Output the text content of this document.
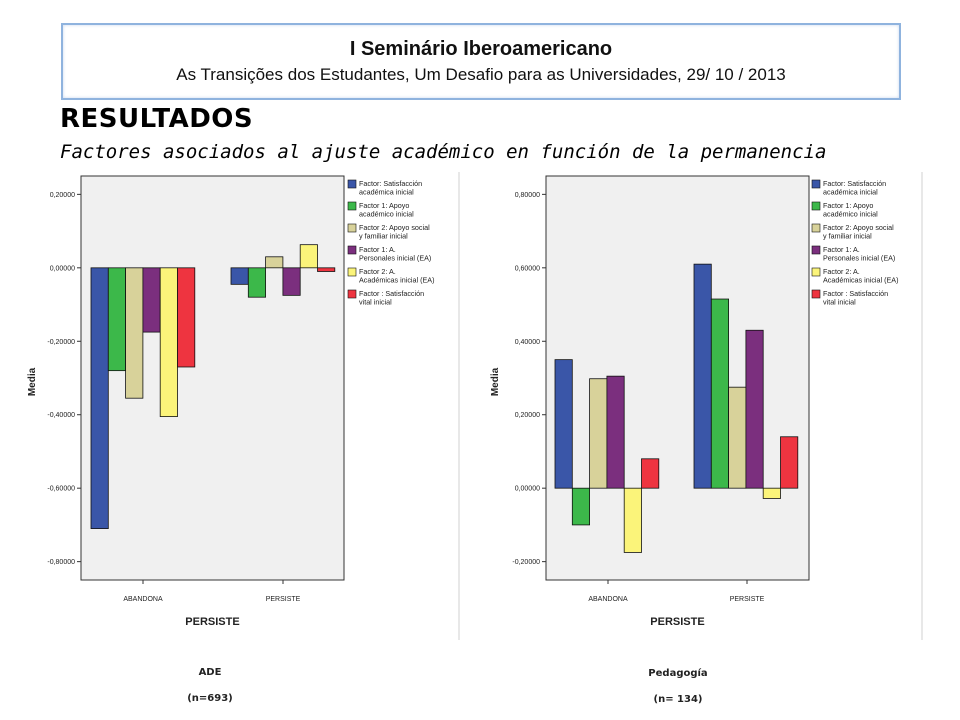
I Seminário Iberoamericano
As Transições dos Estudantes, Um Desafio para as Universidades, 29/ 10 / 2013
RESULTADOS
Factores asociados al ajuste académico en función de la permanencia
0,20000
0,00000
-0,20000
-0,40000
-0,60000
-0,80000
Media
ABANDONA	PERSISTE
PERSISTE
Factor: Satisfacción académica inicial
Factor 1: Apoyo académico inicial
Factor 2: Apoyo social y familiar inicial
Factor 1: A. Personales inicial (EA)
Factor 2: A. Académicas inicial (EA)
Factor : Satisfacción vital inicial
0,80000
0,60000
0,40000
0,20000
0,00000
-0,20000
Media
ABANDONA	PERSISTE
PERSISTE
Factor: Satisfacción académica inicial
Factor 1: Apoyo académico inicial
Factor 2: Apoyo social y familiar inicial
Factor 1: A. Personales inicial (EA)
Factor 2: A. Académicas inicial (EA)
Factor : Satisfacción vital inicial
ADE
(n=693)
Pedagogía
(n= 134)
